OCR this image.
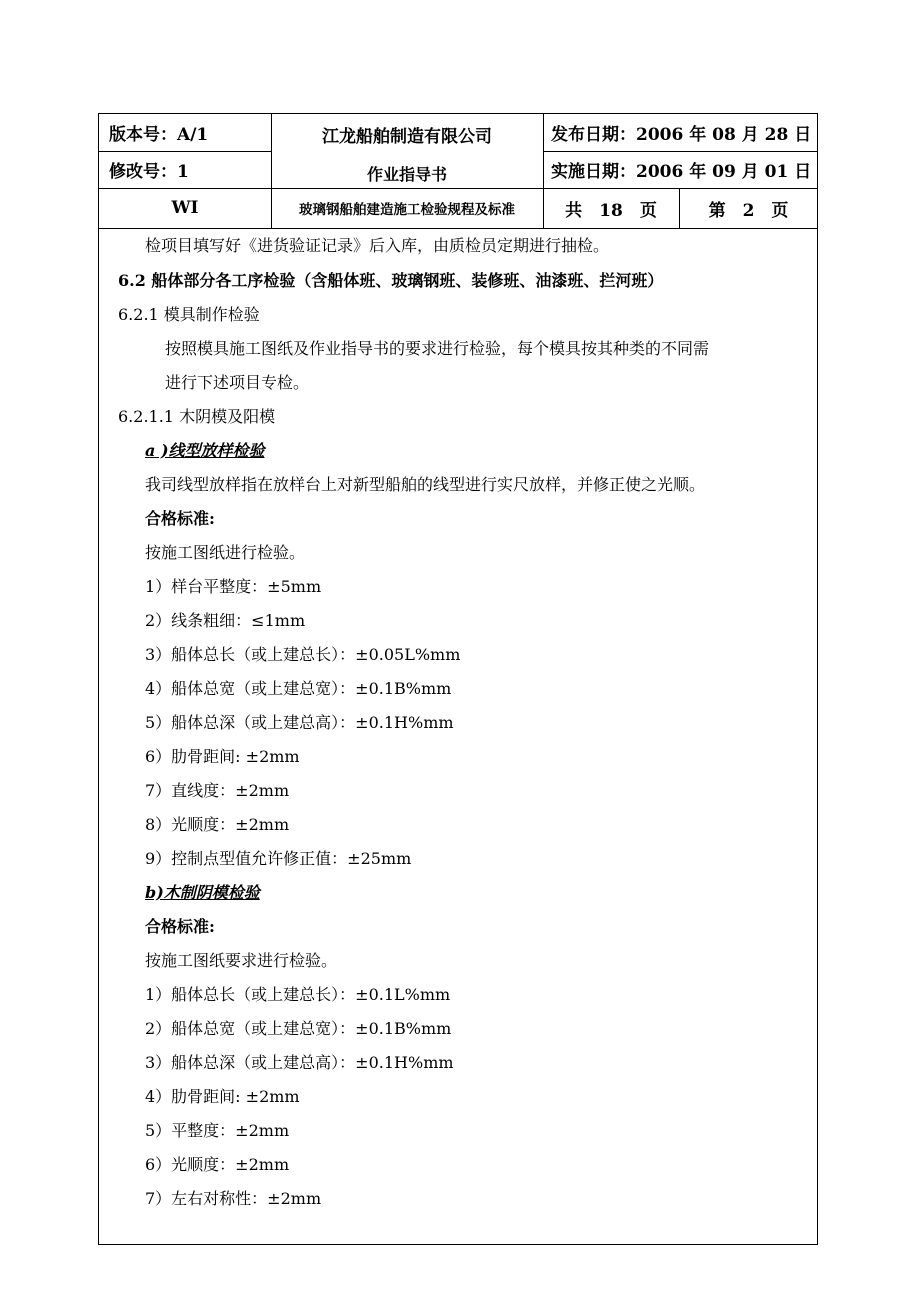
版本号：A/1
修改号：1
WI
江龙船舶制造有限公司
作业指导书
玻璃钢船舶建造施工检验规程及标准
发布日期：2006 年 08 月 28 日
实施日期：2006 年 09 月 01 日
共　18　页	第　2　页
检项目填写好《进货验证记录》后入库，由质检员定期进行抽检。
6.2 船体部分各工序检验（含船体班、玻璃钢班、装修班、油漆班、拦河班）
6.2.1 模具制作检验
按照模具施工图纸及作业指导书的要求进行检验，每个模具按其种类的不同需
进行下述项目专检。
6.2.1.1 木阴模及阳模
a )线型放样检验
我司线型放样指在放样台上对新型船舶的线型进行实尺放样，并修正使之光顺。
合格标准:
按施工图纸进行检验。
1）样台平整度：±5mm
2）线条粗细：≤1mm
3）船体总长（或上建总长）：±0.05L%mm
4）船体总宽（或上建总宽）：±0.1B%mm
5）船体总深（或上建总高）：±0.1H%mm
6）肋骨距间: ±2mm
7）直线度：±2mm
8）光顺度：±2mm
9）控制点型值允许修正值：±25mm
b)木制阴模检验
合格标准:
按施工图纸要求进行检验。
1）船体总长（或上建总长）：±0.1L%mm
2）船体总宽（或上建总宽）：±0.1B%mm
3）船体总深（或上建总高）：±0.1H%mm
4）肋骨距间: ±2mm
5）平整度：±2mm
6）光顺度：±2mm
7）左右对称性：±2mm
